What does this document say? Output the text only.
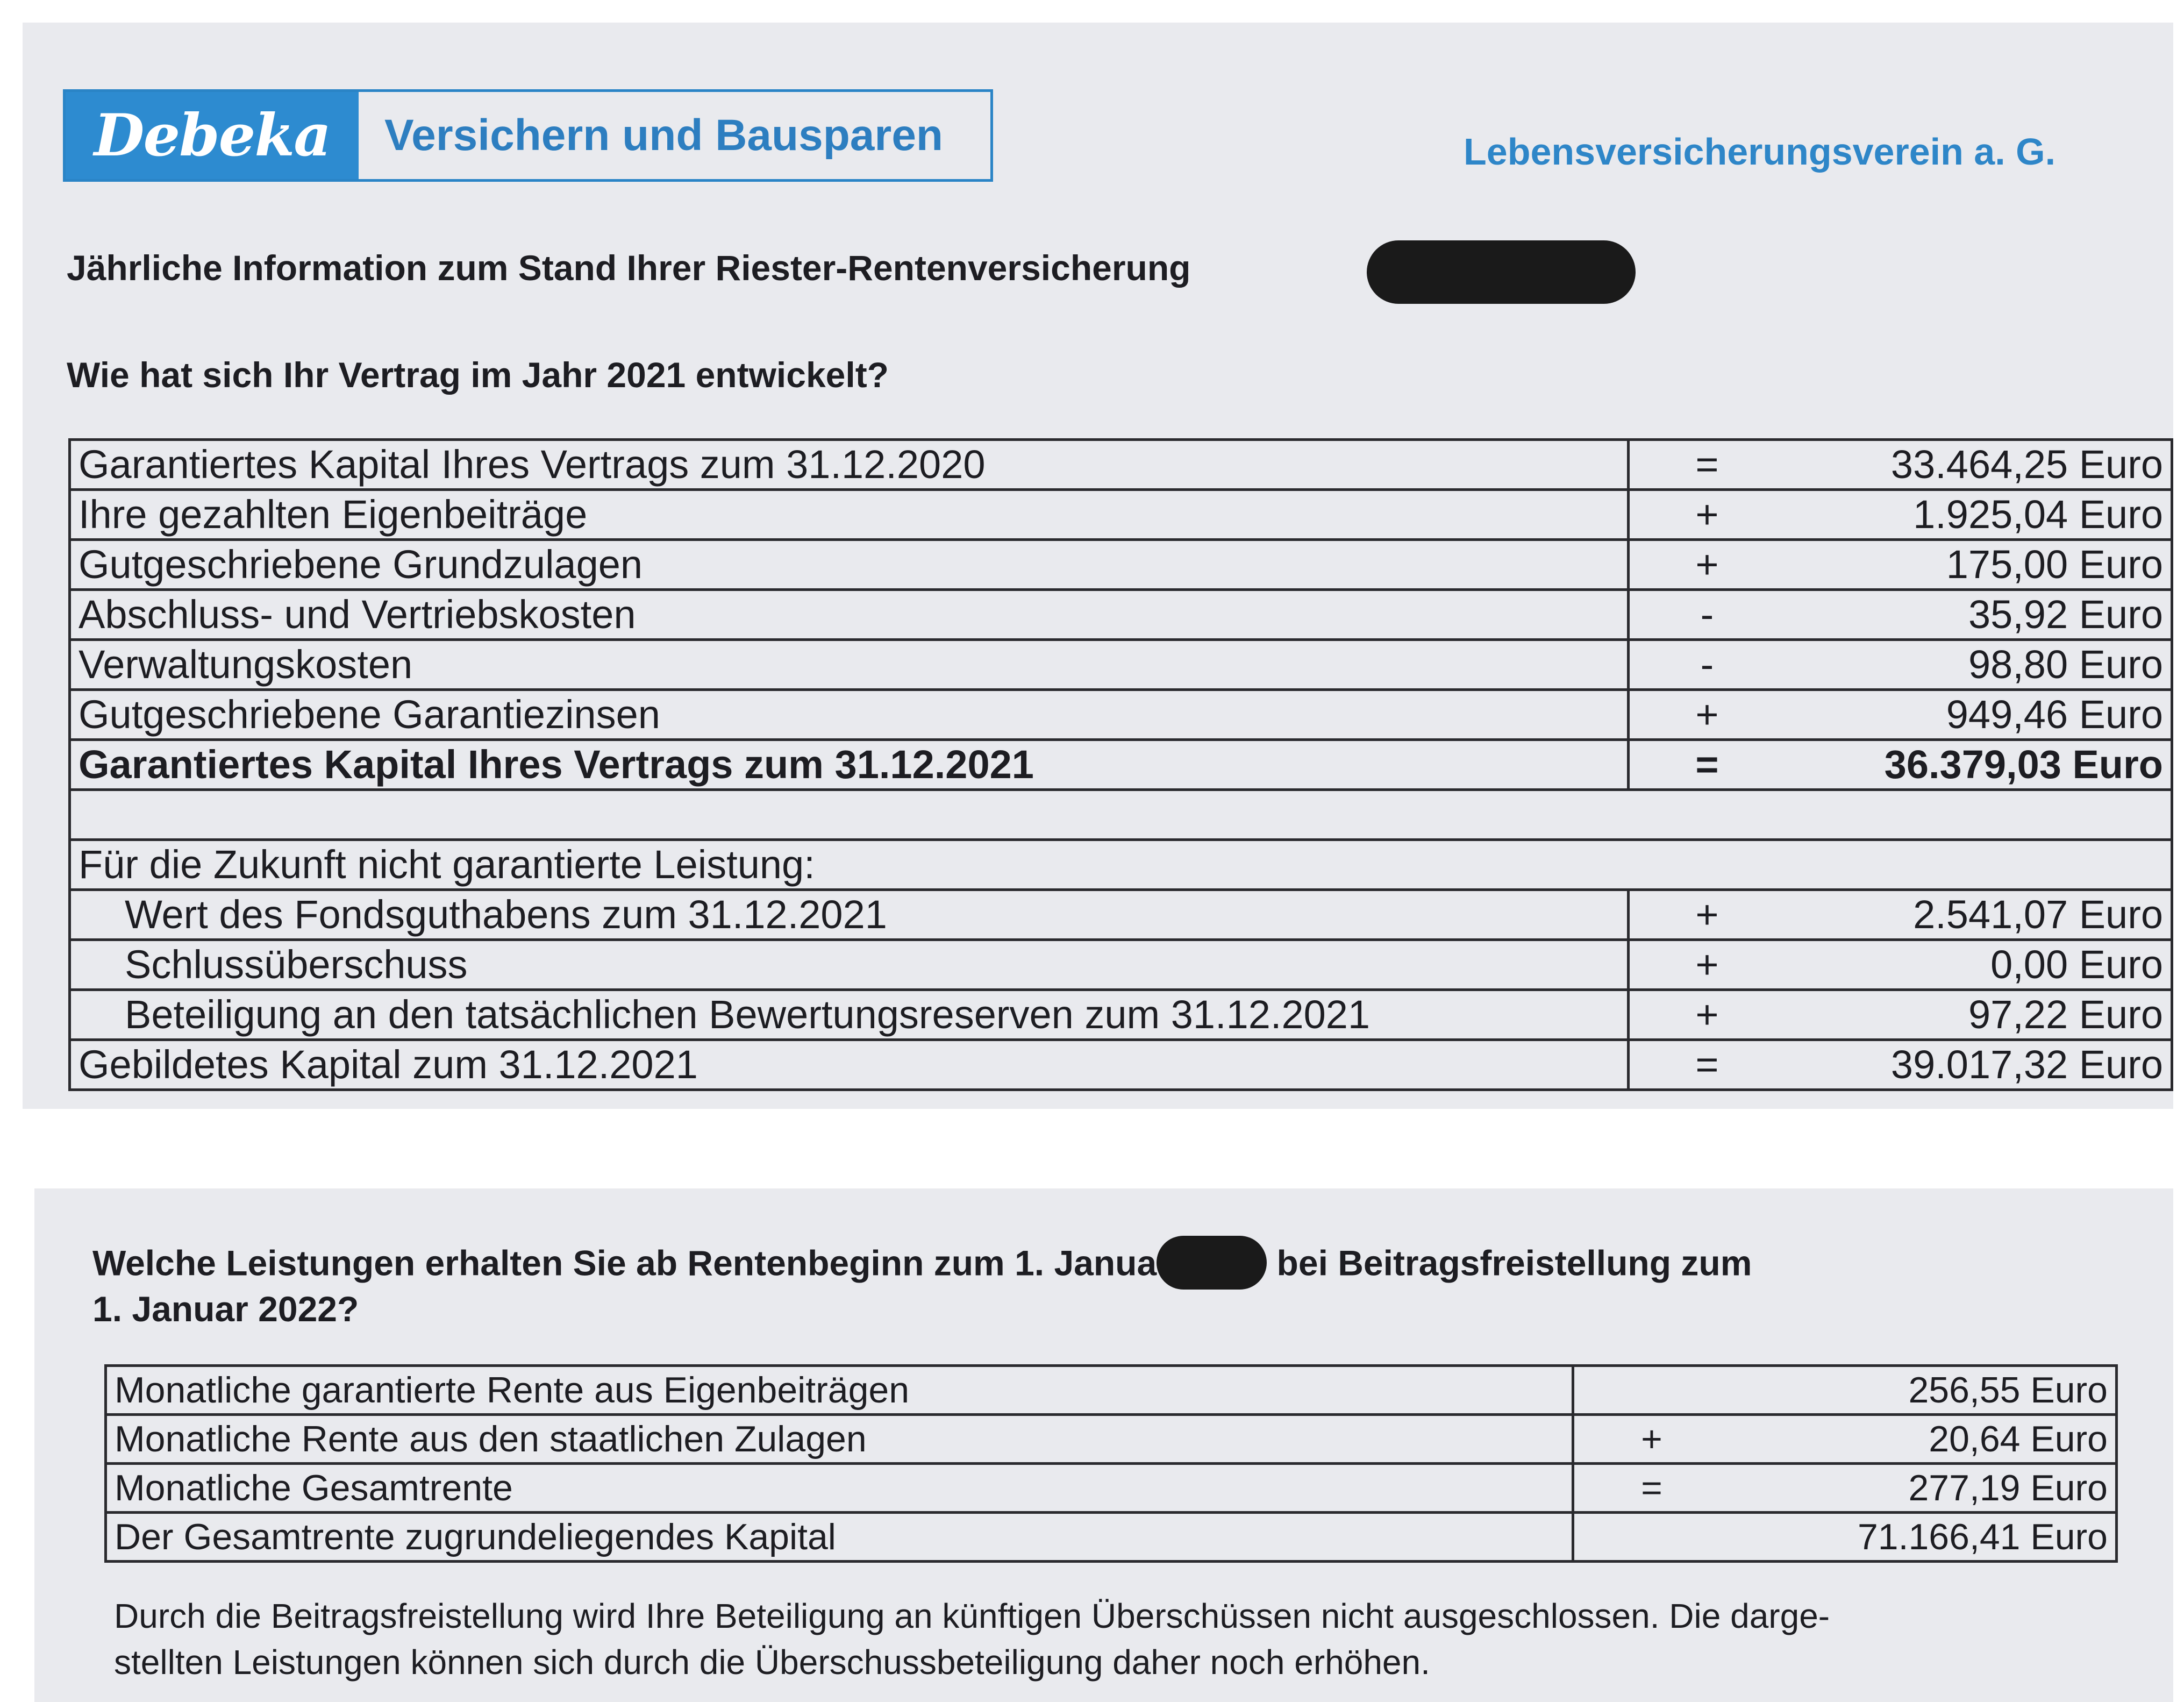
Debeka Versichern und Bausparen	Lebensversicherungsverein a. G.
Jährliche Information zum Stand Ihrer Riester-Rentenversicherung
Wie hat sich Ihr Vertrag im Jahr 2021 entwickelt?
Garantiertes Kapital Ihres Vertrags zum 31.12.2020	=	33.464,25 Euro
Ihre gezahlten Eigenbeiträge	+	1.925,04 Euro
Gutgeschriebene Grundzulagen	+	175,00 Euro
Abschluss- und Vertriebskosten	-	35,92 Euro
Verwaltungskosten	-	98,80 Euro
Gutgeschriebene Garantiezinsen	+	949,46 Euro
Garantiertes Kapital Ihres Vertrags zum 31.12.2021	=	36.379,03 Euro

Für die Zukunft nicht garantierte Leistung:		
Wert des Fondsguthabens zum 31.12.2021	+	2.541,07 Euro
Schlussüberschuss	+	0,00 Euro
Beteiligung an den tatsächlichen Bewertungsreserven zum 31.12.2021	+	97,22 Euro
Gebildetes Kapital zum 31.12.2021	=	39.017,32 Euro
Welche Leistungen erhalten Sie ab Rentenbeginn zum 1. Janua	bei Beitragsfreistellung zum
1. Januar 2022?
Monatliche garantierte Rente aus Eigenbeiträgen		256,55 Euro
Monatliche Rente aus den staatlichen Zulagen	+	20,64 Euro
Monatliche Gesamtrente	=	277,19 Euro
Der Gesamtrente zugrundeliegendes Kapital		71.166,41 Euro
Durch die Beitragsfreistellung wird Ihre Beteiligung an künftigen Überschüssen nicht ausgeschlossen. Die darge-
stellten Leistungen können sich durch die Überschussbeteiligung daher noch erhöhen.
